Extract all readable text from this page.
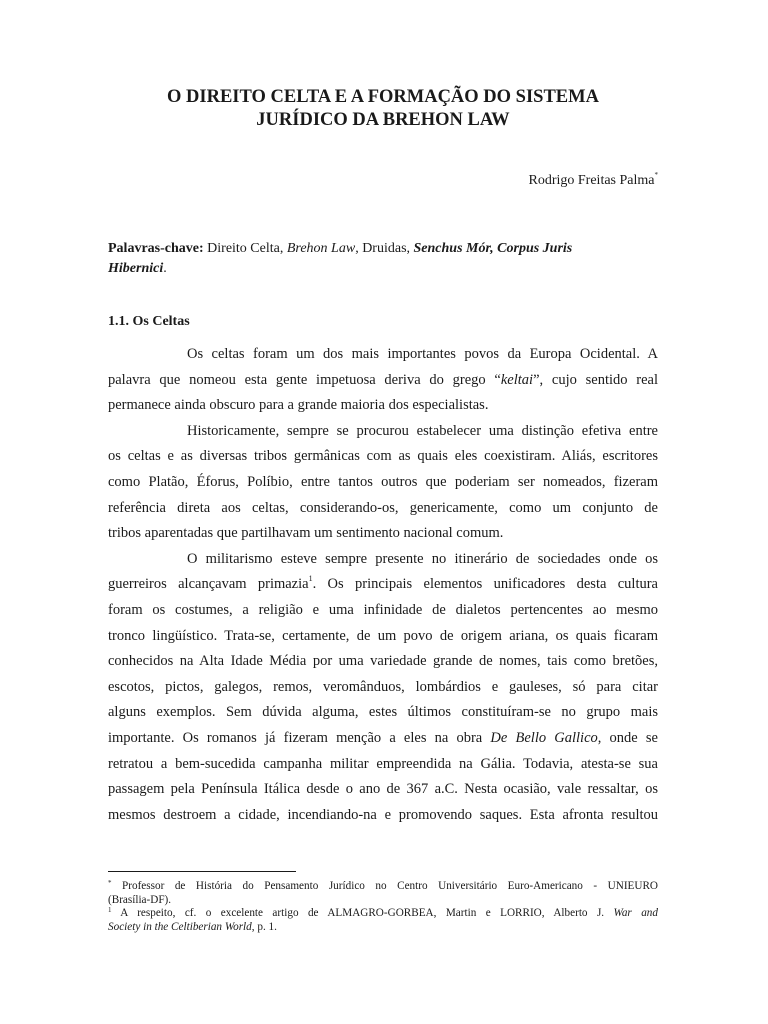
O DIREITO CELTA E A FORMAÇÃO DO SISTEMA
JURÍDICO DA BREHON LAW
Rodrigo Freitas Palma*
Palavras-chave: Direito Celta, Brehon Law, Druidas, Senchus Mór, Corpus Juris
Hibernici.
1.1. Os Celtas
Os celtas foram um dos mais importantes povos da Europa Ocidental. A
palavra que nomeou esta gente impetuosa deriva do grego “keltai”, cujo sentido real
permanece ainda obscuro para a grande maioria dos especialistas.
Historicamente, sempre se procurou estabelecer uma distinção efetiva entre
os celtas e as diversas tribos germânicas com as quais eles coexistiram. Aliás, escritores
como Platão, Éforus, Políbio, entre tantos outros que poderiam ser nomeados, fizeram
referência direta aos celtas, considerando-os, genericamente, como um conjunto de
tribos aparentadas que partilhavam um sentimento nacional comum.
O militarismo esteve sempre presente no itinerário de sociedades onde os
guerreiros alcançavam primazia$^1$. Os principais elementos unificadores desta cultura
foram os costumes, a religião e uma infinidade de dialetos pertencentes ao mesmo
tronco lingüístico. Trata-se, certamente, de um povo de origem ariana, os quais ficaram
conhecidos na Alta Idade Média por uma variedade grande de nomes, tais como bretões,
escotos, pictos, galegos, remos, veromânduos, lombárdios e gauleses, só para citar
alguns exemplos. Sem dúvida alguma, estes últimos constituíram-se no grupo mais
importante. Os romanos já fizeram menção a eles na obra De Bello Gallico, onde se
retratou a bem-sucedida campanha militar empreendida na Gália. Todavia, atesta-se sua
passagem pela Península Itálica desde o ano de 367 a.C. Nesta ocasião, vale ressaltar, os
mesmos destroem a cidade, incendiando-na e promovendo saques. Esta afronta resultou
* Professor de História do Pensamento Jurídico no Centro Universitário Euro-Americano - UNIEURO
(Brasília-DF).
$^1$ A respeito, cf. o excelente artigo de ALMAGRO-GORBEA, Martin e LORRIO, Alberto J. War and
Society in the Celtiberian World, p. 1.
